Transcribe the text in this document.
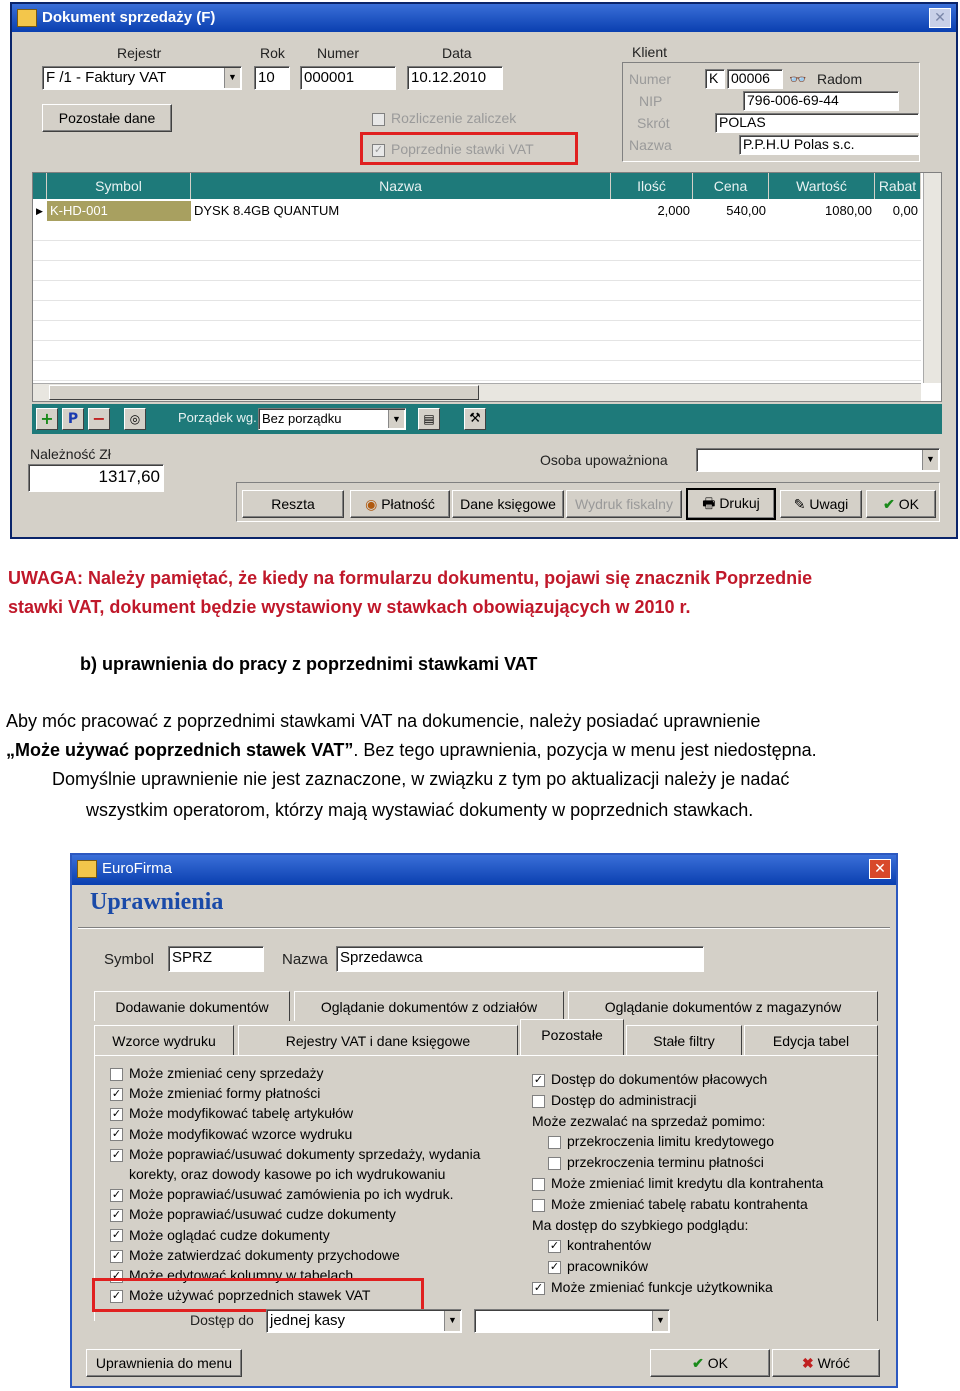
Dokument sprzedaży (F)	✕
Rejestr
F /1 - Faktury VAT	▼
Rok
10
Numer
000001
Data
10.12.2010
Pozostałe dane	Rozliczenie zaliczek
✓ Poprzednie stawki VAT
Klient
Numer	K 00006	👓 Radom
NIP	796-006-69-44
Skrót	POLAS
Nazwa	P.P.H.U Polas s.c.
Symbol	Nazwa	Ilość	Cena	Wartość	Rabat
▶ K-HD-001	DYSK 8.4GB QUANTUM	2,000	540,00	1080,00	0,00
+	P −	◎	Porządek wg. Bez porządku	▼	▤	⚒
Należność Zł
1317,60
Osoba upoważniona	▼
Reszta	◉ Płatność	Dane księgowe	Wydruk fiskalny	🖶 Drukuj	✎ Uwagi	✔ OK
UWAGA: Należy pamiętać, że kiedy na formularzu dokumentu, pojawi się znacznik Poprzednie
stawki VAT, dokument będzie wystawiony w stawkach obowiązujących w 2010 r.
b) uprawnienia do pracy z poprzednimi stawkami VAT
Aby móc pracować z poprzednimi stawkami VAT na dokumencie, należy posiadać uprawnienie
„Może używać poprzednich stawek VAT”. Bez tego uprawnienia, pozycja w menu jest niedostępna.
Domyślnie uprawnienie nie jest zaznaczone, w związku z tym po aktualizacji należy je nadać
wszystkim operatorom, którzy mają wystawiać dokumenty w poprzednich stawkach.
EuroFirma	✕
Uprawnienia
Symbol SPRZ	Nazwa Sprzedawca
Dodawanie dokumentów	Oglądanie dokumentów z odziałów	Oglądanie dokumentów z magazynów
Wzorce wydruku	Rejestry VAT i dane księgowe	Pozostałe	Stałe filtry	Edycja tabel
Może zmieniać ceny sprzedaży
✓ Może zmieniać formy płatności
✓ Może modyfikować tabelę artykułów
✓ Może modyfikować wzorce wydruku
✓ Może poprawiać/usuwać dokumenty sprzedaży, wydania
korekty, oraz dowody kasowe po ich wydrukowaniu
✓ Może poprawiać/usuwać zamówienia po ich wydruk.
✓ Może poprawiać/usuwać cudze dokumenty
✓ Może oglądać cudze dokumenty
✓ Może zatwierdzać dokumenty przychodowe
✓ Może edytować kolumny w tabelach
✓ Może używać poprzednich stawek VAT
✓ Dostęp do dokumentów płacowych
Dostęp do administracji
Może zezwalać na sprzedaż pomimo:
przekroczenia limitu kredytowego
przekroczenia terminu płatności
Może zmieniać limit kredytu dla kontrahenta
Może zmieniać tabelę rabatu kontrahenta
Ma dostęp do szybkiego podglądu:
✓ kontrahentów
✓ pracowników
✓ Może zmieniać funkcje użytkownika
Dostęp do jednej kasy	▼	▼
Uprawnienia do menu	✔ OK	✖ Wróć
